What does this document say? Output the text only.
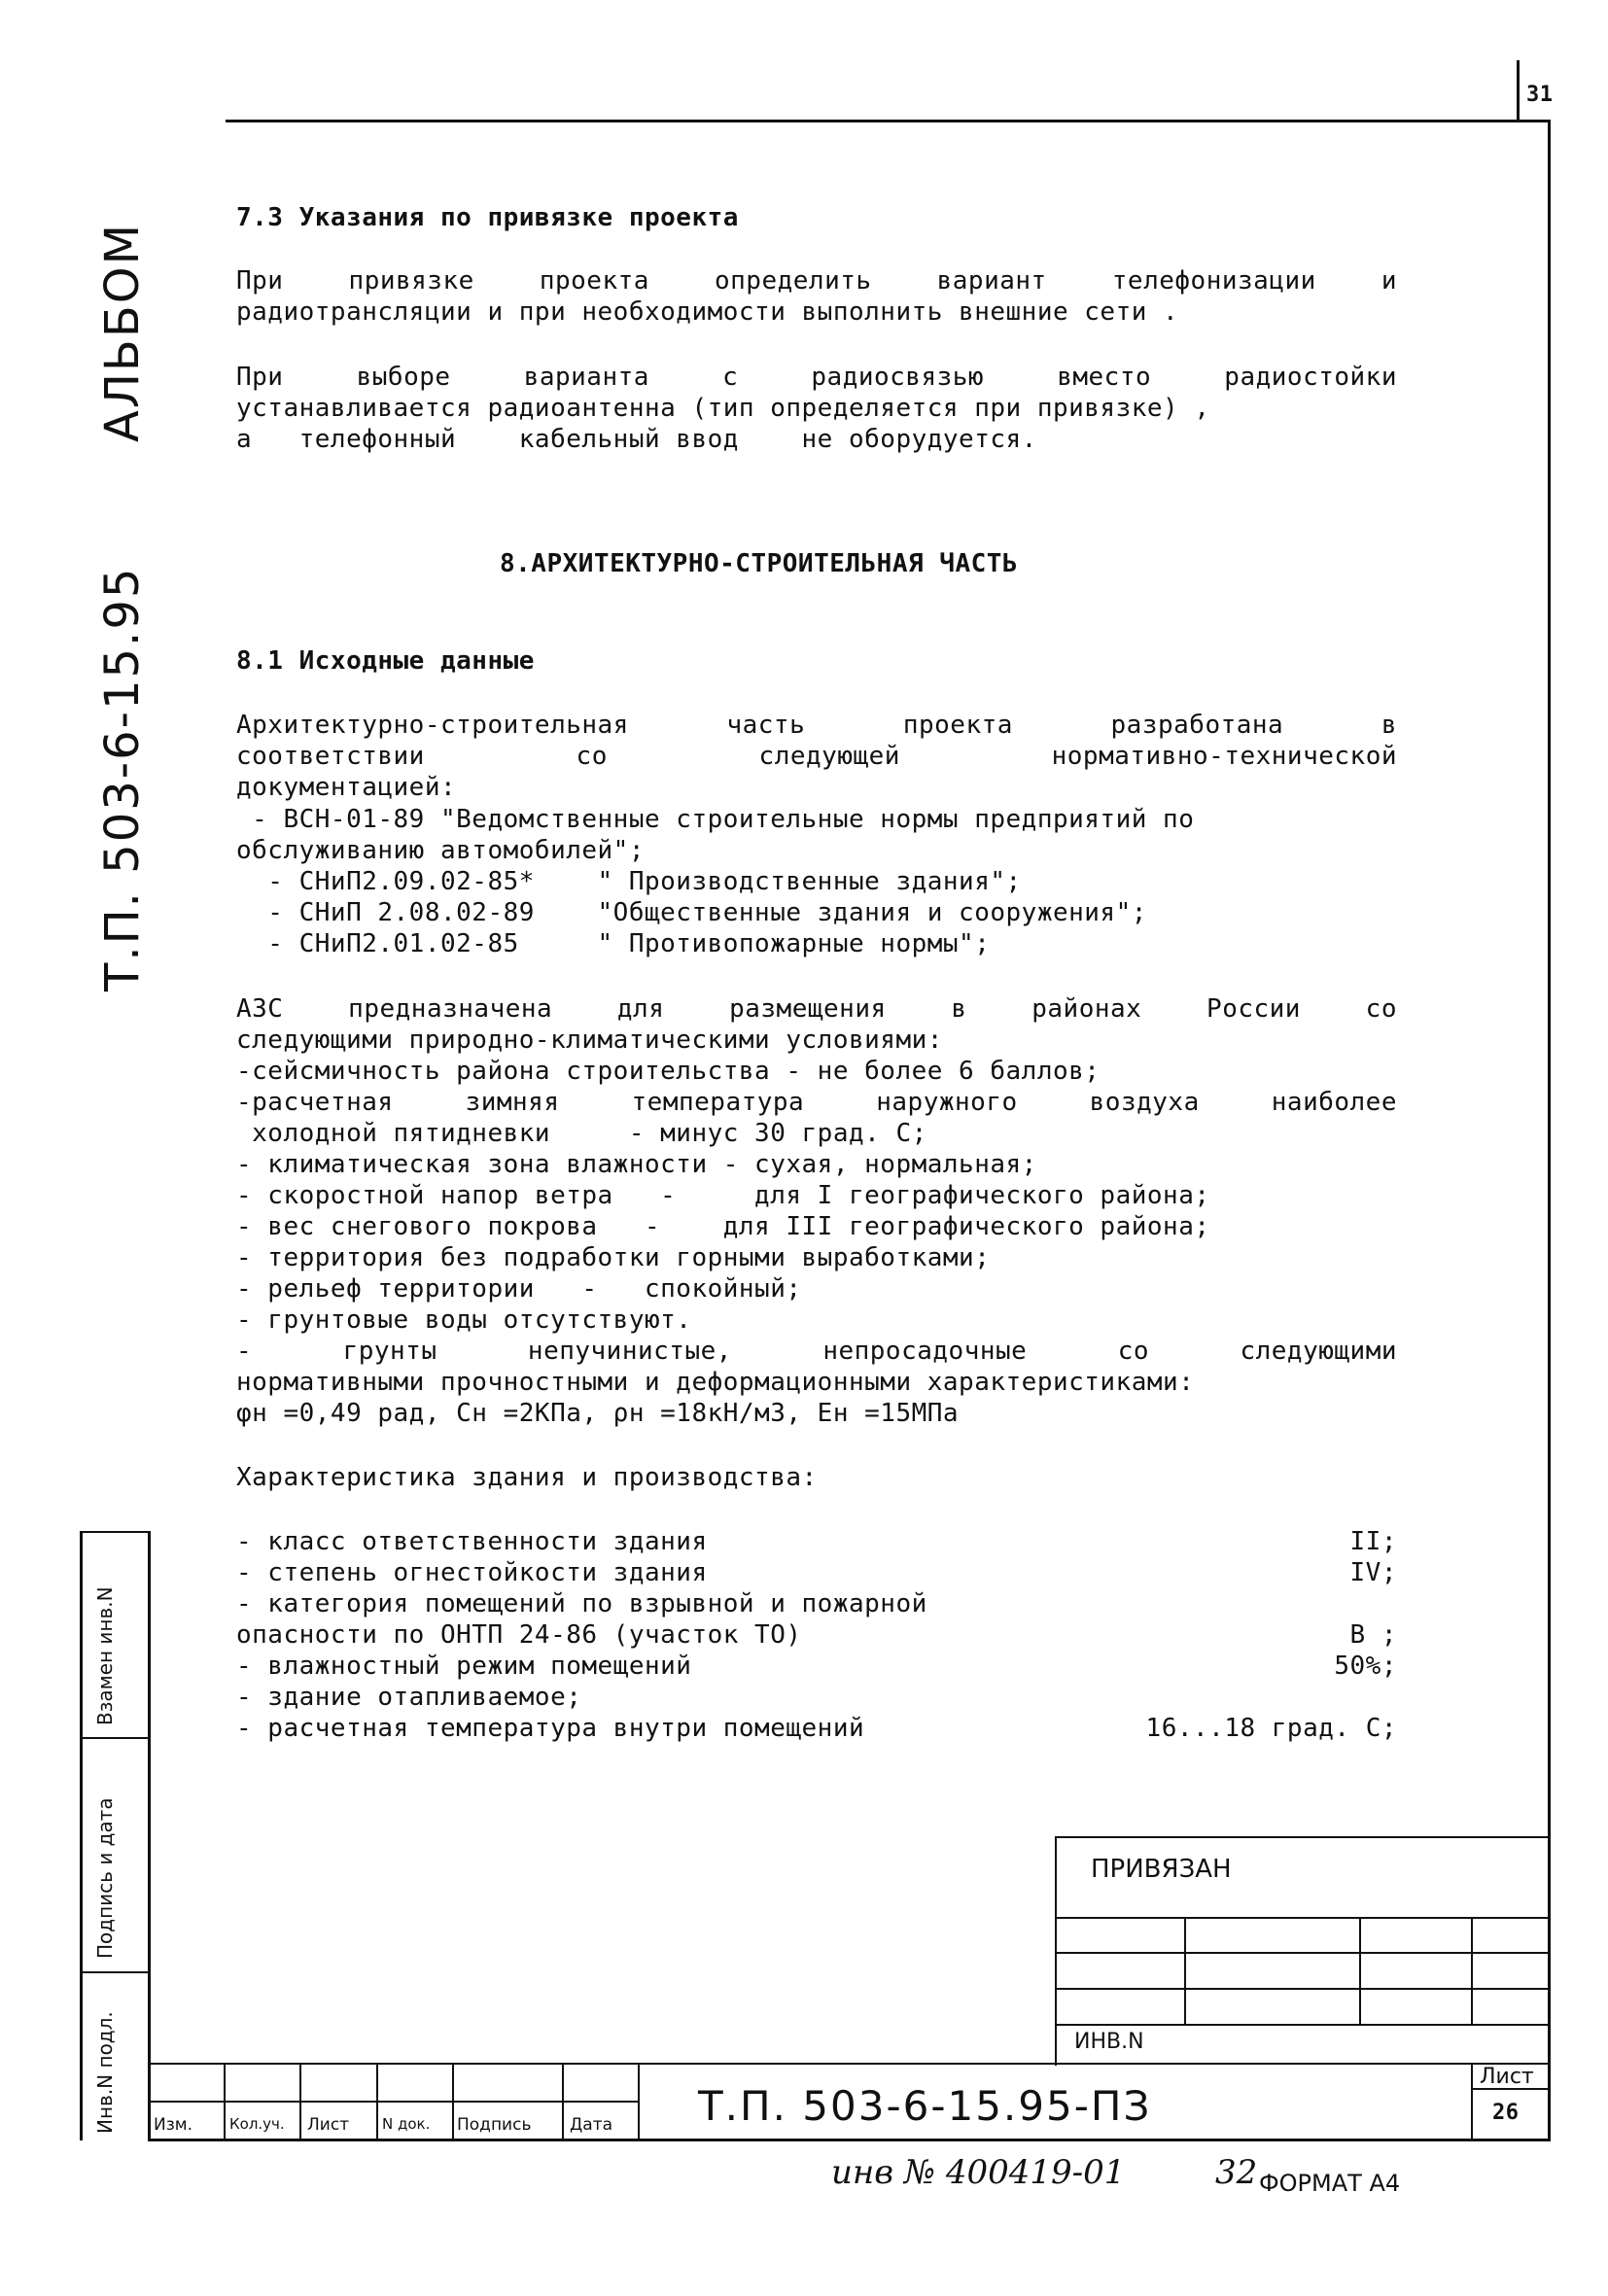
31
Т.П. 503-6-15.95
АЛЬБОМ
Взамен инв.N
Подпись и дата
Инв.N подл.
7.3 Указания по привязке проекта
При привязке проекта определить вариант телефонизации и
радиотрансляции и при необходимости выполнить внешние сети .
При выборе варианта с радиосвязью вместо радиостойки
устанавливается радиоантенна (тип определяется при привязке) ,
а   телефонный    кабельный ввод    не оборудуется.
8.АРХИТЕКТУРНО-СТРОИТЕЛЬНАЯ ЧАСТЬ
8.1 Исходные данные
Архитектурно-строительная часть проекта разработана в
соответствии со следующей нормативно-технической
документацией:
- ВСН-01-89 "Ведомственные строительные нормы предприятий по
обслуживанию автомобилей";
- СНиП2.09.02-85*    " Производственные здания";
- СНиП 2.08.02-89    "Общественные здания и сооружения";
- СНиП2.01.02-85     " Противопожарные нормы";
АЗС предназначена для размещения в районах России со
следующими природно-климатическими условиями:
-сейсмичность района строительства - не более 6 баллов;
-расчетная зимняя температура наружного воздуха наиболее
холодной пятидневки     - минус 30 град. С;
- климатическая зона влажности - сухая, нормальная;
- скоростной напор ветра   -     для I географического района;
- вес снегового покрова   -    для III географического района;
- территория без подработки горными выработками;
- рельеф территории   -   спокойный;
- грунтовые воды отсутствуют.
- грунты непучинистые, непросадочные со следующими
нормативными прочностными и деформационными характеристиками:
φн =0,49 рад, Сн =2КПа, ρн =18кН/м3, Ен =15МПа
Характеристика здания и производства:
- класс ответственности здания	II;
- степень огнестойкости здания	IV;
- категория помещений по взрывной и пожарной
опасности по ОНТП 24-86 (участок ТО)	В ;
- влажностный режим помещений	50%;
- здание отапливаемое;
- расчетная температура внутри помещений	16...18 град. С;
ПРИВЯЗАН
ИНВ.N
Изм.	Кол.уч. Лист N док. Подпись Дата Т.П. 503-6-15.95-ПЗ
Лист
26
инв № 400419-01	32 ФОРМАТ А4
